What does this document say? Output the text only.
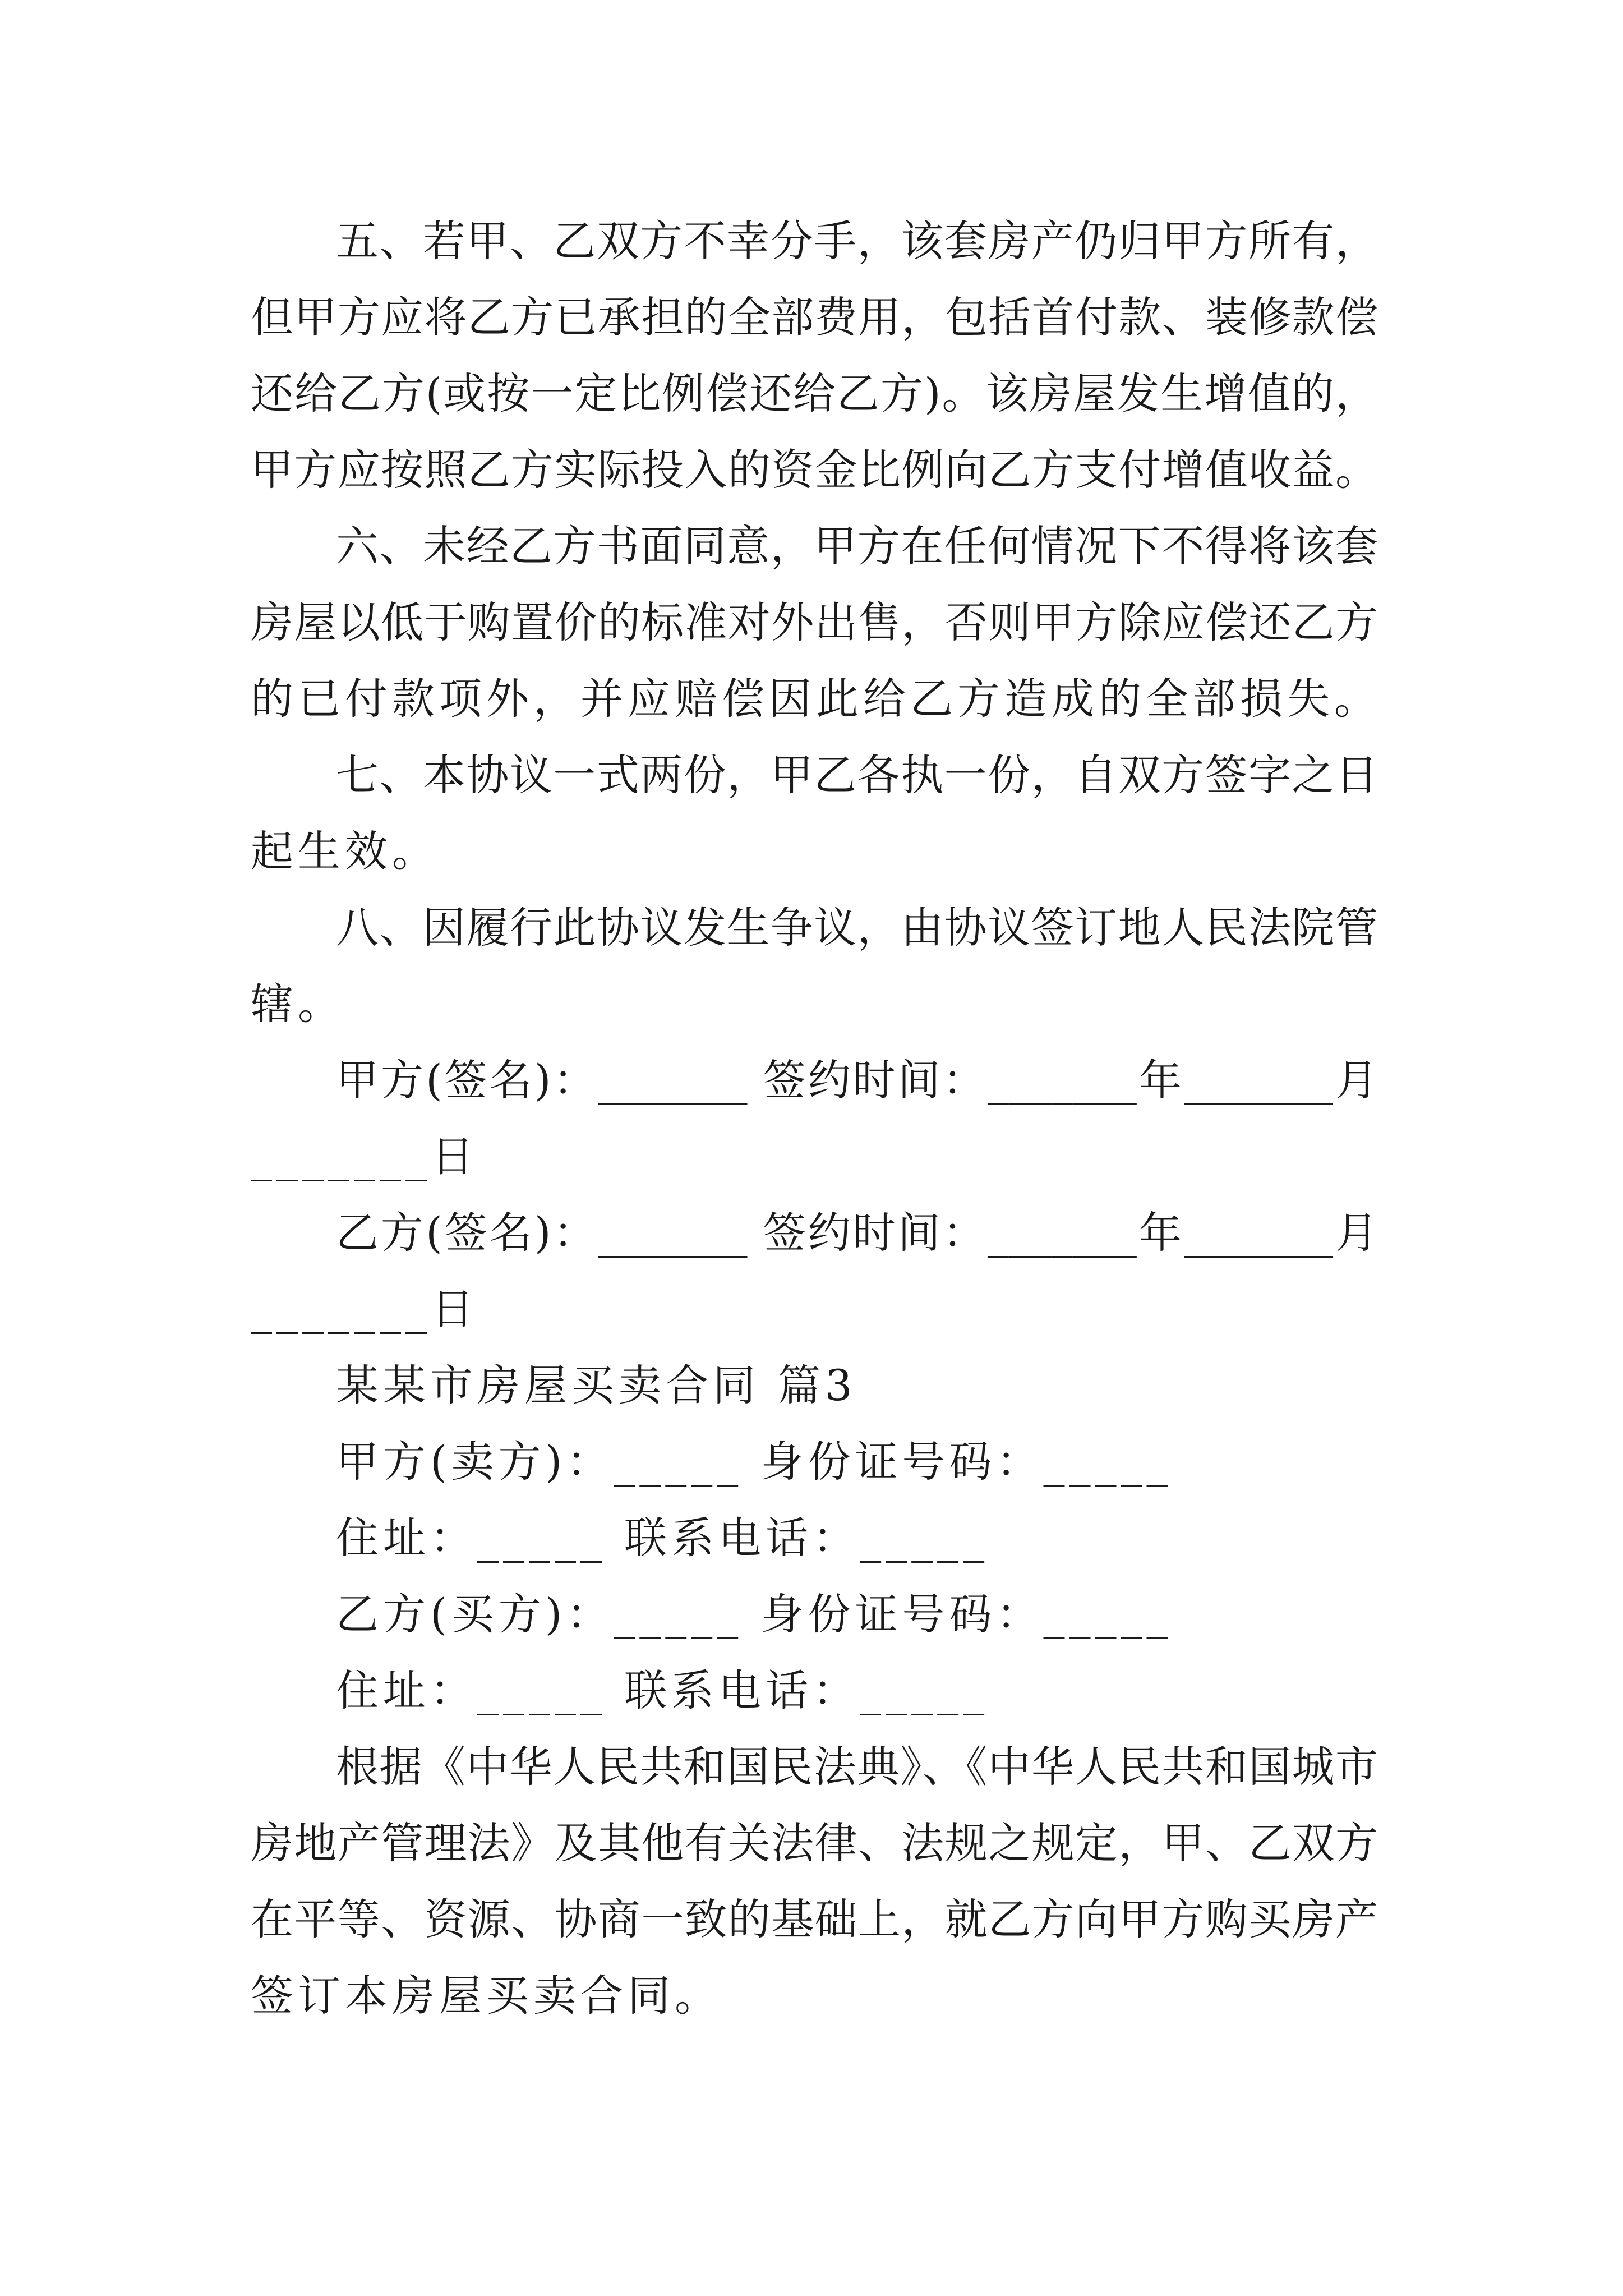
五、若甲、乙双方不幸分手，该套房产仍归甲方所有，
但甲方应将乙方已承担的全部费用，包括首付款、装修款偿
还给乙方(或按一定比例偿还给乙方)。该房屋发生增值的，
甲方应按照乙方实际投入的资金比例向乙方支付增值收益。
六、未经乙方书面同意，甲方在任何情况下不得将该套
房屋以低于购置价的标准对外出售，否则甲方除应偿还乙方
的已付款项外，并应赔偿因此给乙方造成的全部损失。
七、本协议一式两份，甲乙各执一份，自双方签字之日
起生效。
八、因履行此协议发生争议，由协议签订地人民法院管
辖。
甲方(签名)：_______ 签约时间：_______年_______月
_______日
乙方(签名)：_______ 签约时间：_______年_______月
_______日
某某市房屋买卖合同 篇3
甲方(卖方)：_____ 身份证号码：_____
住址：_____ 联系电话：_____
乙方(买方)：_____ 身份证号码：_____
住址：_____ 联系电话：_____
根据《中华人民共和国民法典》、《中华人民共和国城市
房地产管理法》及其他有关法律、法规之规定，甲、乙双方
在平等、资源、协商一致的基础上，就乙方向甲方购买房产
签订本房屋买卖合同。
